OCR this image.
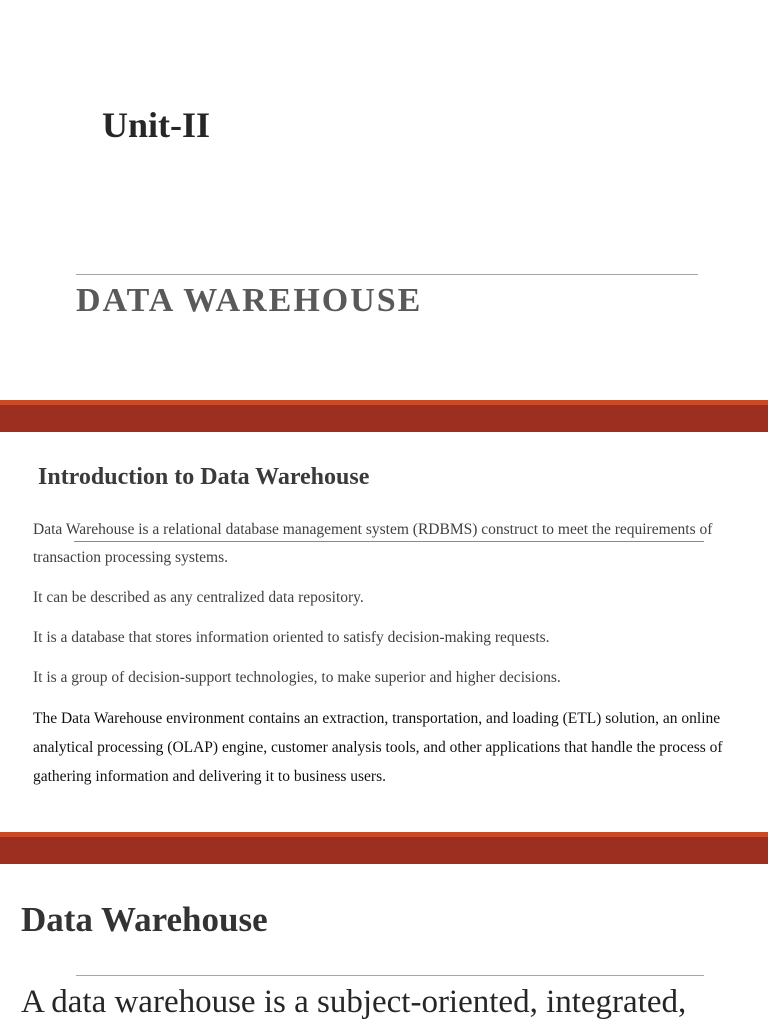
Unit-II
DATA WAREHOUSE
Introduction to Data Warehouse

Data Warehouse is a relational database management system (RDBMS) construct to meet the requirements of transaction processing systems.

It can be described as any centralized data repository.

It is a database that stores information oriented to satisfy decision-making requests.

It is a group of decision-support technologies, to make superior and higher decisions.

The Data Warehouse environment contains an extraction, transportation, and loading (ETL) solution, an online analytical processing (OLAP) engine, customer analysis tools, and other applications that handle the process of gathering information and delivering it to business users.

Data Warehouse

A data warehouse is a subject-oriented, integrated,
